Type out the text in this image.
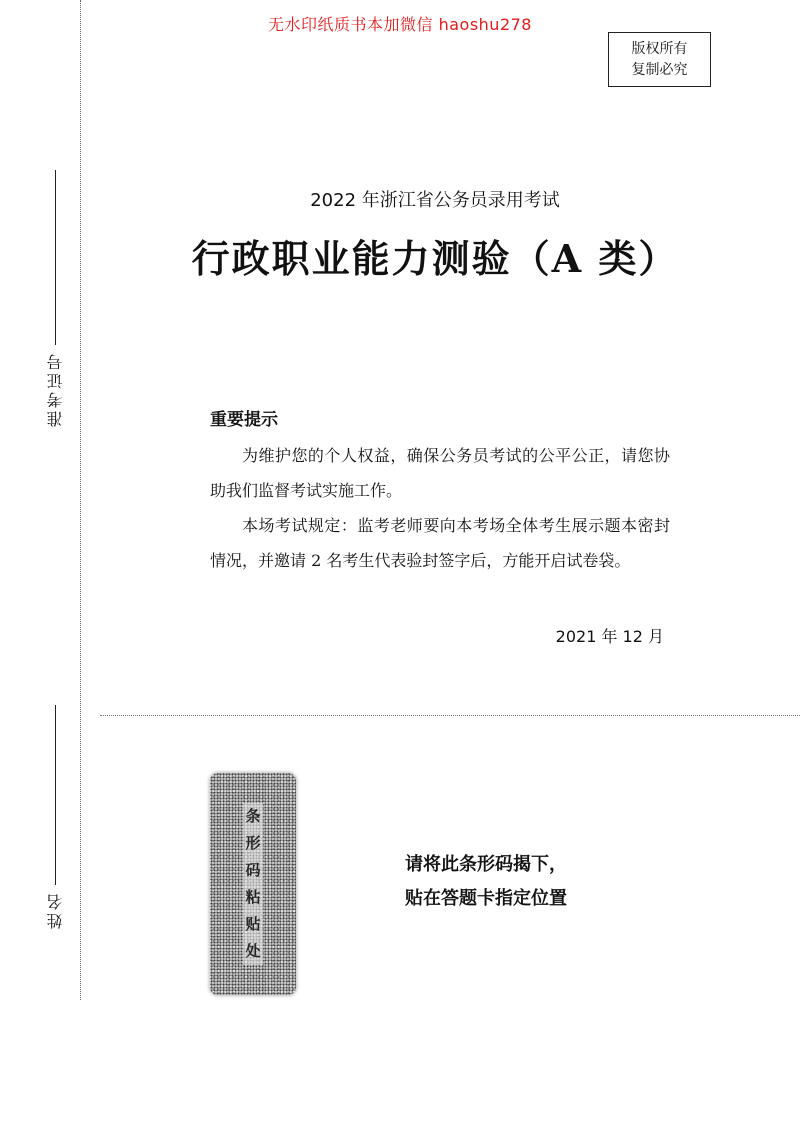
无水印纸质书本加微信 haoshu278
版权所有
复制必究
准考证号
姓名
2022 年浙江省公务员录用考试
行政职业能力测验（A 类）
重要提示
为维护您的个人权益，确保公务员考试的公平公正，请您协助我们监督考试实施工作。
本场考试规定：监考老师要向本考场全体考生展示题本密封情况，并邀请 2 名考生代表验封签字后，方能开启试卷袋。
2021 年 12 月
条
形
码
粘
贴
处
请将此条形码揭下，
贴在答题卡指定位置
